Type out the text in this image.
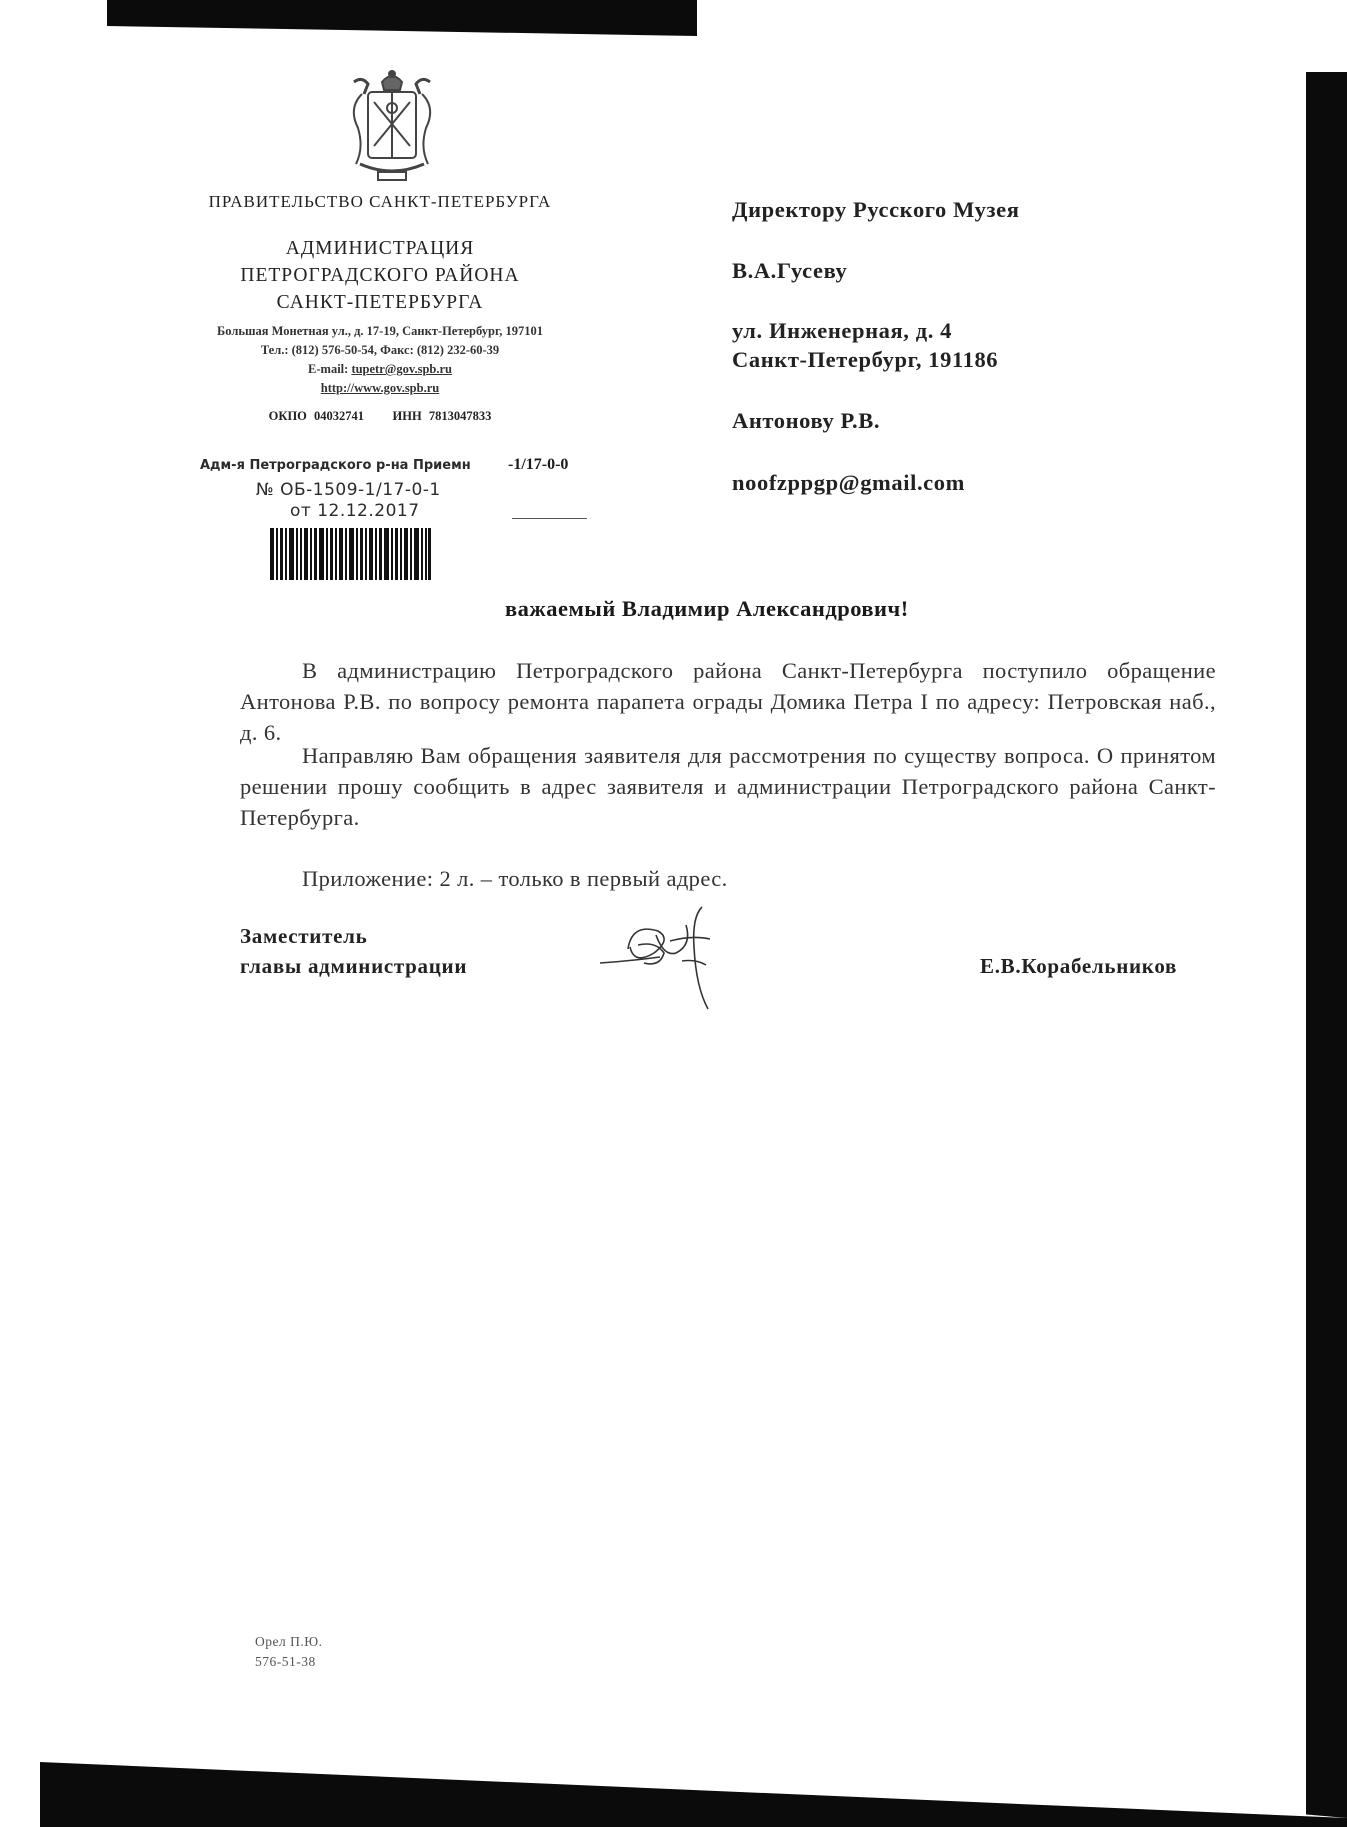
ПРАВИТЕЛЬСТВО САНКТ-ПЕТЕРБУРГА
АДМИНИСТРАЦИЯ
ПЕТРОГРАДСКОГО РАЙОНА
САНКТ-ПЕТЕРБУРГА
Большая Монетная ул., д. 17-19, Санкт-Петербург, 197101
Тел.: (812) 576-50-54, Факс: (812) 232-60-39
E-mail: tupetr@gov.spb.ru
http://www.gov.spb.ru
ОКПО 04032741    ИНН 7813047833
Адм-я Петроградского р-на Приемн -1/17-0-0
№ ОБ-1509-1/17-0-1
от 12.12.2017
Директору Русского Музея
В.А.Гусеву
ул. Инженерная, д. 4
Санкт-Петербург, 191186
Антонову Р.В.
noofzppgp@gmail.com
важаемый Владимир Александрович!
В администрацию Петроградского района Санкт-Петербурга поступило обращение Антонова Р.В. по вопросу ремонта парапета ограды Домика Петра I по адресу: Петровская наб., д. 6.
Направляю Вам обращения заявителя для рассмотрения по существу вопроса. О принятом решении прошу сообщить в адрес заявителя и администрации Петроградского района Санкт-Петербурга.
Приложение: 2 л. – только в первый адрес.
Заместитель
главы администрации	Е.В.Корабельников
Орел П.Ю.
576-51-38
